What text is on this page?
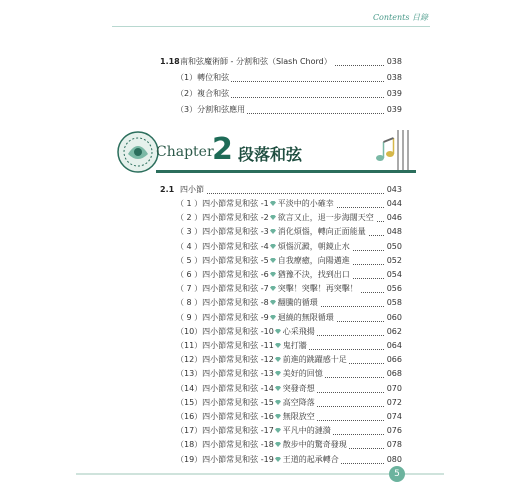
Contents 目錄
1.18 南和弦魔術師 - 分割和弦（Slash Chord）	038
（1）轉位和弦	038
（2）複合和弦	039
（3）分割和弦應用	039
Chapter
2 段落和弦
2.1 四小節	043
（ 1 ）四小節常見和弦 -1 平淡中的小確幸	044
（ 2 ）四小節常見和弦 -2 欲言又止，退一步海闊天空 046
（ 3 ）四小節常見和弦 -3 消化煩惱，轉向正面能量	048
（ 4 ）四小節常見和弦 -4 煩惱沉澱，朝鏡止水	050
（ 5 ）四小節常見和弦 -5 自我療癒，向陽邁進	052
（ 6 ）四小節常見和弦 -6 猶豫不決，找到出口	054
（ 7 ）四小節常見和弦 -7 突擊！突擊！再突擊！	056
（ 8 ）四小節常見和弦 -8 翻騰的循環	058
（ 9 ）四小節常見和弦 -9 迴繞的無限循環	060
（10）四小節常見和弦 -10 心采飛揚	062
（11）四小節常見和弦 -11 鬼打牆	064
（12）四小節常見和弦 -12 前進的跳躍感十足	066
（13）四小節常見和弦 -13 美好的回憶	068
（14）四小節常見和弦 -14 突發奇想	070
（15）四小節常見和弦 -15 高空降落	072
（16）四小節常見和弦 -16 無限放空	074
（17）四小節常見和弦 -17 平凡中的漣漪	076
（18）四小節常見和弦 -18 散步中的驚奇發現	078
（19）四小節常見和弦 -19 王道的起承轉合	080
5
